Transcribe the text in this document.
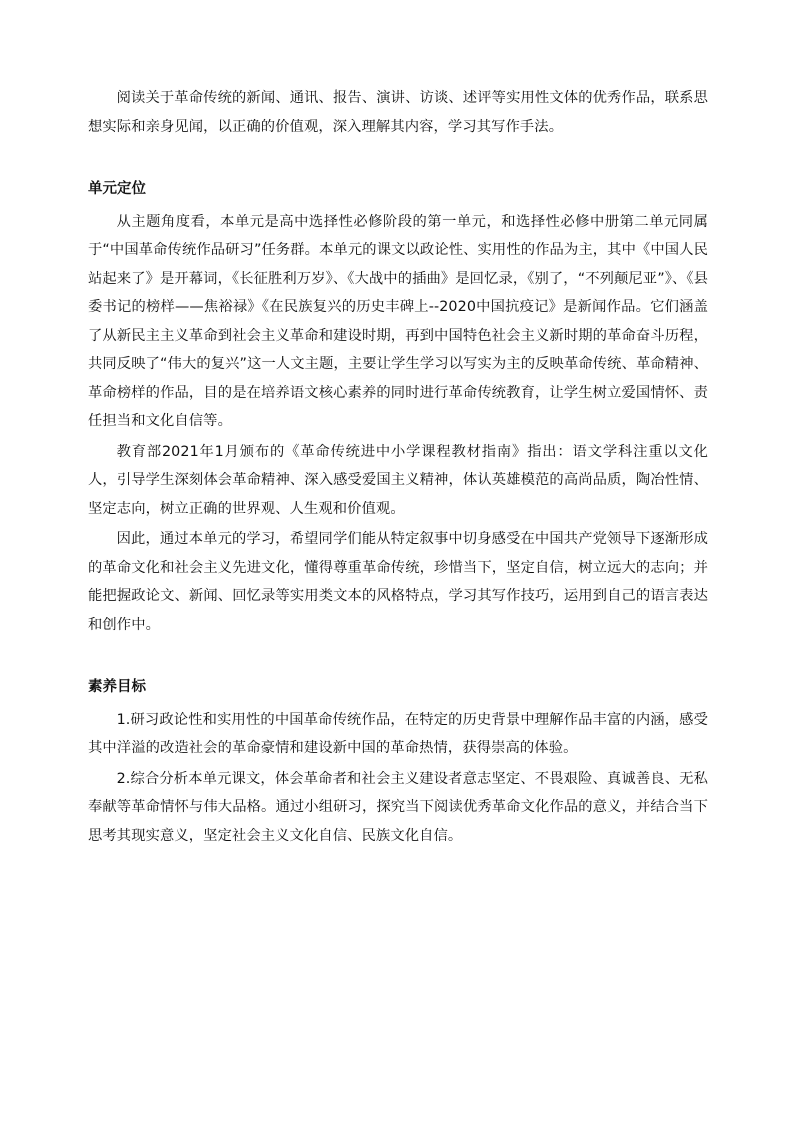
阅读关于革命传统的新闻、通讯、报告、演讲、访谈、述评等实用性文体的优秀作品，联系思想实际和亲身见闻，以正确的价值观，深入理解其内容，学习其写作手法。

单元定位

从主题角度看，本单元是高中选择性必修阶段的第一单元，和选择性必修中册第二单元同属于“中国革命传统作品研习”任务群。本单元的课文以政论性、实用性的作品为主，其中《中国人民站起来了》是开幕词，《长征胜利万岁》、《大战中的插曲》是回忆录，《别了，“不列颠尼亚”》、《县委书记的榜样——焦裕禄》《在民族复兴的历史丰碑上--2020中国抗疫记》是新闻作品。它们涵盖了从新民主主义革命到社会主义革命和建设时期，再到中国特色社会主义新时期的革命奋斗历程，共同反映了“伟大的复兴”这一人文主题，主要让学生学习以写实为主的反映革命传统、革命精神、革命榜样的作品，目的是在培养语文核心素养的同时进行革命传统教育，让学生树立爱国情怀、责任担当和文化自信等。

教育部2021年1月颁布的《革命传统进中小学课程教材指南》指出：语文学科注重以文化人，引导学生深刻体会革命精神、深入感受爱国主义精神，体认英雄模范的高尚品质，陶冶性情、坚定志向，树立正确的世界观、人生观和价值观。

因此，通过本单元的学习，希望同学们能从特定叙事中切身感受在中国共产党领导下逐渐形成的革命文化和社会主义先进文化，懂得尊重革命传统，珍惜当下，坚定自信，树立远大的志向；并能把握政论文、新闻、回忆录等实用类文本的风格特点，学习其写作技巧，运用到自己的语言表达和创作中。

素养目标

1.研习政论性和实用性的中国革命传统作品，在特定的历史背景中理解作品丰富的内涵，感受其中洋溢的改造社会的革命豪情和建设新中国的革命热情，获得崇高的体验。

2.综合分析本单元课文，体会革命者和社会主义建设者意志坚定、不畏艰险、真诚善良、无私奉献等革命情怀与伟大品格。通过小组研习，探究当下阅读优秀革命文化作品的意义，并结合当下思考其现实意义，坚定社会主义文化自信、民族文化自信。
